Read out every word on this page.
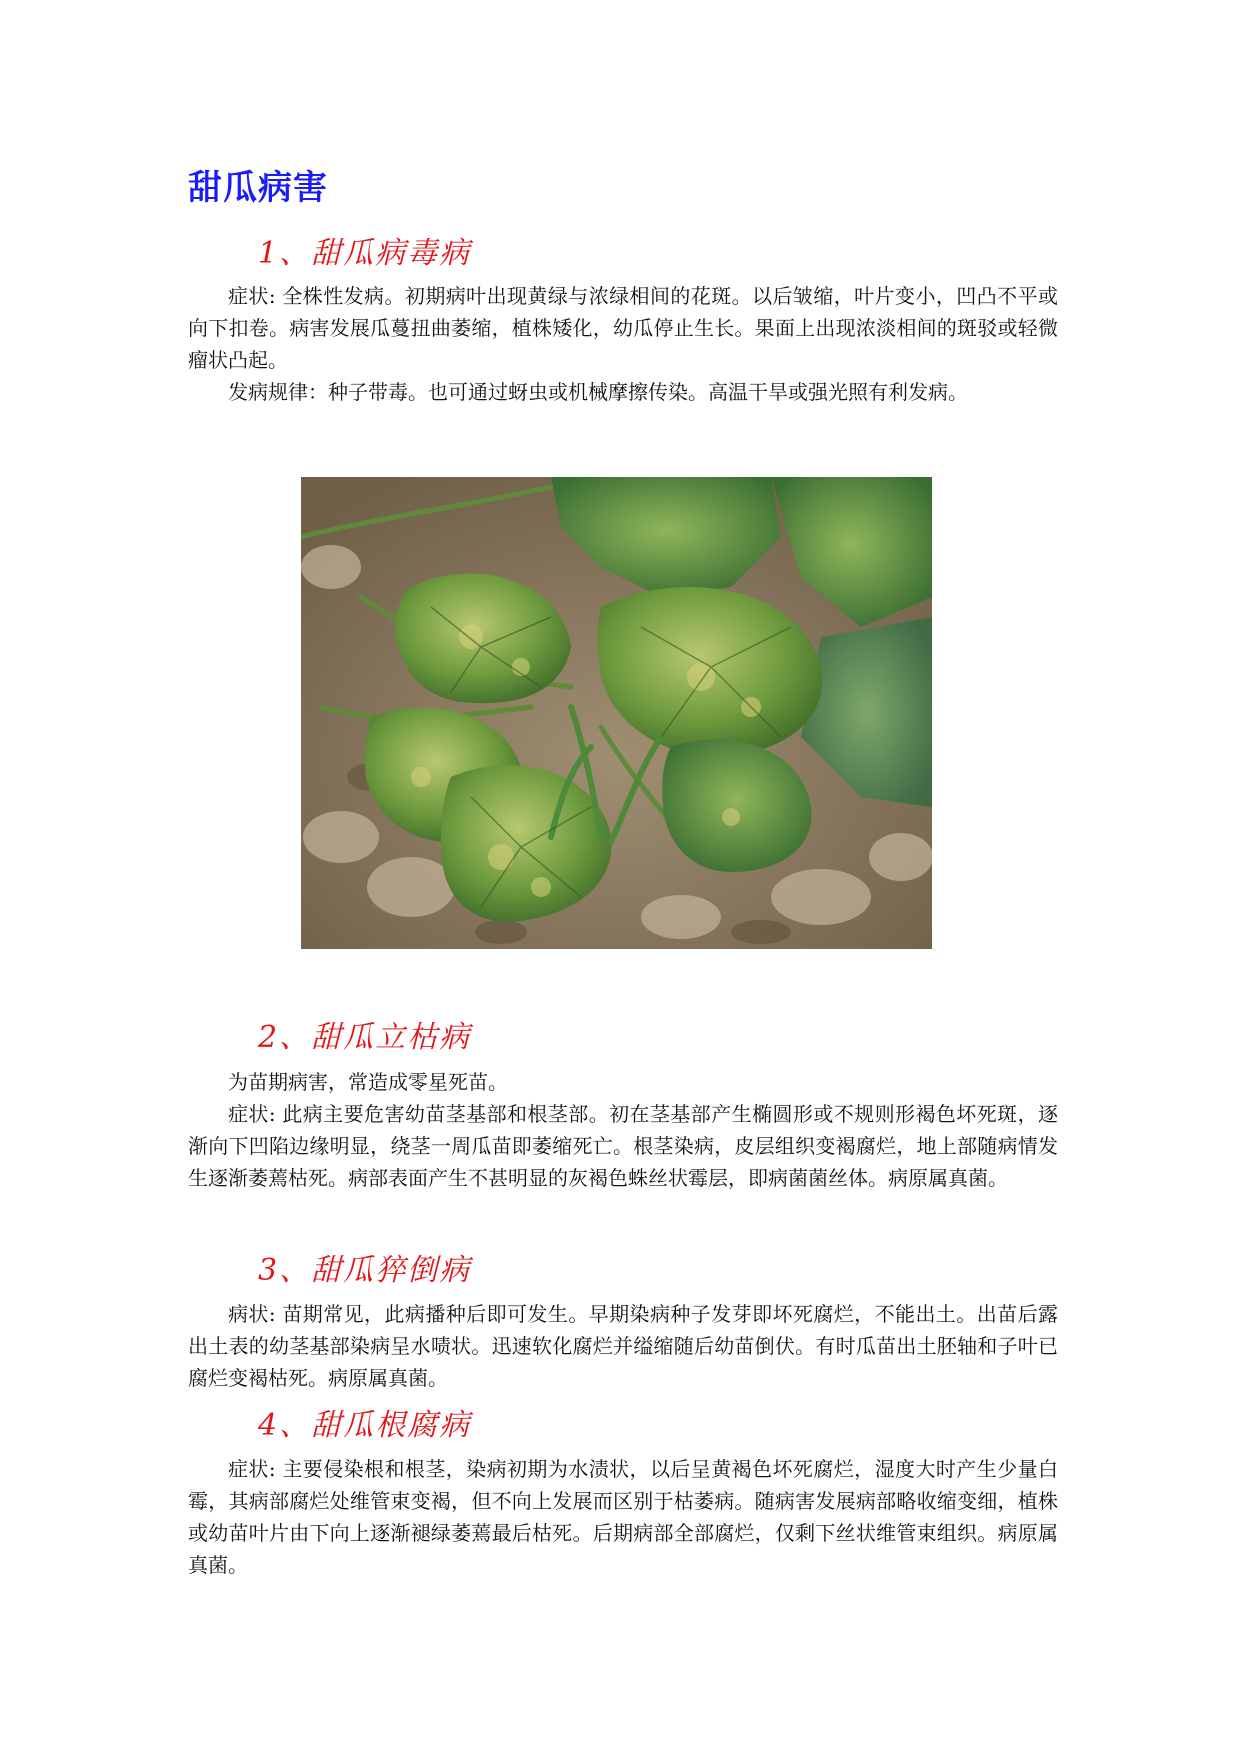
甜瓜病害
1、甜瓜病毒病

症状: 全株性发病。初期病叶出现黄绿与浓绿相间的花斑。以后皱缩，叶片变小，凹凸不平或向下扣卷。病害发展瓜蔓扭曲萎缩，植株矮化，幼瓜停止生长。果面上出现浓淡相间的斑驳或轻微瘤状凸起。

发病规律：种子带毒。也可通过蚜虫或机械摩擦传染。高温干旱或强光照有利发病。

2、甜瓜立枯病

为苗期病害，常造成零星死苗。

症状: 此病主要危害幼苗茎基部和根茎部。初在茎基部产生椭圆形或不规则形褐色坏死斑，逐渐向下凹陷边缘明显，绕茎一周瓜苗即萎缩死亡。根茎染病，皮层组织变褐腐烂，地上部随病情发生逐渐萎蔫枯死。病部表面产生不甚明显的灰褐色蛛丝状霉层，即病菌菌丝体。病原属真菌。

3、甜瓜猝倒病

病状: 苗期常见，此病播种后即可发生。早期染病种子发芽即坏死腐烂，不能出土。出苗后露出土表的幼茎基部染病呈水啧状。迅速软化腐烂并缢缩随后幼苗倒伏。有时瓜苗出土胚轴和子叶已腐烂变褐枯死。病原属真菌。

4、甜瓜根腐病

症状: 主要侵染根和根茎，染病初期为水渍状，以后呈黄褐色坏死腐烂，湿度大时产生少量白霉，其病部腐烂处维管束变褐，但不向上发展而区别于枯萎病。随病害发展病部略收缩变细，植株或幼苗叶片由下向上逐渐褪绿萎蔫最后枯死。后期病部全部腐烂，仅剩下丝状维管束组织。病原属真菌。
